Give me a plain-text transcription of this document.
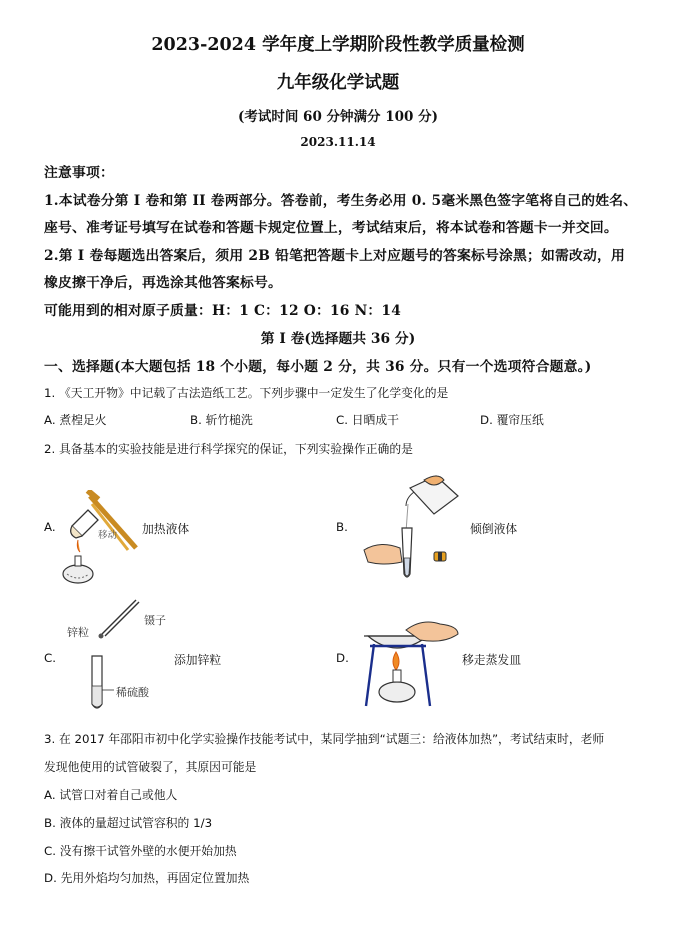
2023-2024 学年度上学期阶段性教学质量检测
九年级化学试题
(考试时间 60 分钟满分 100 分)
2023.11.14
注意事项：
1.本试卷分第 I 卷和第 II 卷两部分。答卷前，考生务必用 0. 5毫米黑色签字笔将自己的姓名、
座号、准考证号填写在试卷和答题卡规定位置上，考试结束后，将本试卷和答题卡一并交回。
2.第 I 卷每题选出答案后，须用 2B 铅笔把答题卡上对应题号的答案标号涂黑；如需改动，用
橡皮擦干净后，再选涂其他答案标号。
可能用到的相对原子质量：H：1 C：12 O：16 N：14
第 I 卷(选择题共 36 分)
一、选择题(本大题包括 18 个小题，每小题 2 分，共 36 分。只有一个选项符合题意。)
1. 《天工开物》中记载了古法造纸工艺。下列步骤中一定发生了化学变化的是
A. 煮楻足火	B. 斩竹槌洗	C. 日晒成干	D. 覆帘压纸
2. 具备基本的实验技能是进行科学探究的保证，下列实验操作正确的是
A.
移动 加热液体	B.	倾倒液体
C.
锌粒
镊子
稀硫酸
添加锌粒	D.	移走蒸发皿
3. 在 2017 年邵阳市初中化学实验操作技能考试中，某同学抽到“试题三：给液体加热”，考试结束时，老师
发现他使用的试管破裂了，其原因可能是
A. 试管口对着自己或他人
B. 液体的量超过试管容积的 1/3
C. 没有擦干试管外壁的水便开始加热
D. 先用外焰均匀加热，再固定位置加热
